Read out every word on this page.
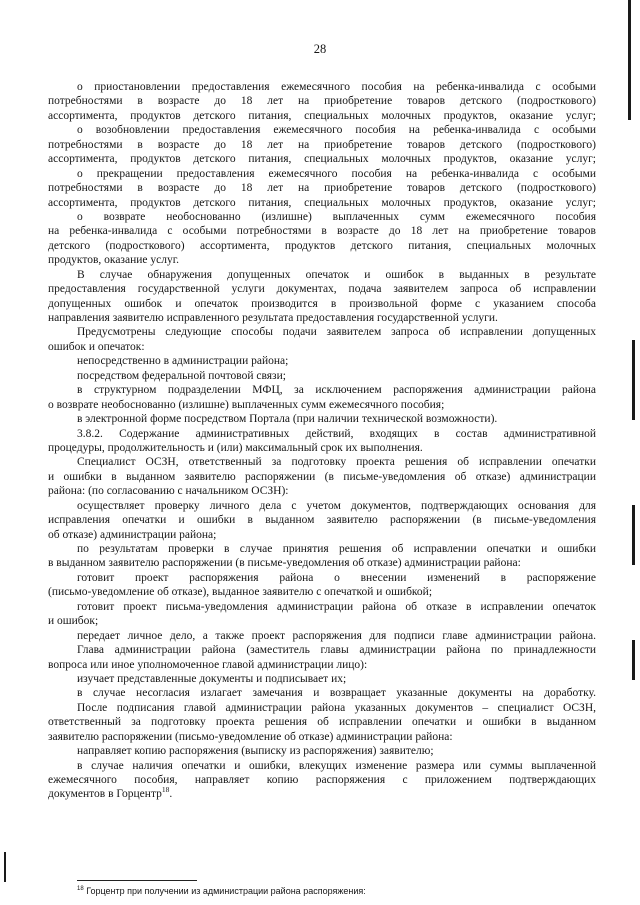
28
о приостановлении предоставления ежемесячного пособия на ребенка-инвалида с особыми
потребностями в возрасте до 18 лет на приобретение товаров детского (подросткового)
ассортимента, продуктов детского питания, специальных молочных продуктов, оказание услуг;
о возобновлении предоставления ежемесячного пособия на ребенка-инвалида с особыми
потребностями в возрасте до 18 лет на приобретение товаров детского (подросткового)
ассортимента, продуктов детского питания, специальных молочных продуктов, оказание услуг;
о прекращении предоставления ежемесячного пособия на ребенка-инвалида с особыми
потребностями в возрасте до 18 лет на приобретение товаров детского (подросткового)
ассортимента, продуктов детского питания, специальных молочных продуктов, оказание услуг;
о возврате необоснованно (излишне) выплаченных сумм ежемесячного пособия
на ребенка-инвалида с особыми потребностями в возрасте до 18 лет на приобретение товаров
детского (подросткового) ассортимента, продуктов детского питания, специальных молочных
продуктов, оказание услуг.
В случае обнаружения допущенных опечаток и ошибок в выданных в результате
предоставления государственной услуги документах, подача заявителем запроса об исправлении
допущенных ошибок и опечаток производится в произвольной форме с указанием способа
направления заявителю исправленного результата предоставления государственной услуги.
Предусмотрены следующие способы подачи заявителем запроса об исправлении допущенных
ошибок и опечаток:
непосредственно в администрации района;
посредством федеральной почтовой связи;
в структурном подразделении МФЦ, за исключением распоряжения администрации района
о возврате необоснованно (излишне) выплаченных сумм ежемесячного пособия;
в электронной форме посредством Портала (при наличии технической возможности).
3.8.2. Содержание административных действий, входящих в состав административной
процедуры, продолжительность и (или) максимальный срок их выполнения.
Специалист ОСЗН, ответственный за подготовку проекта решения об исправлении опечатки
и ошибки в выданном заявителю распоряжении (в письме-уведомления об отказе) администрации
района: (по согласованию с начальником ОСЗН):
осуществляет проверку личного дела с учетом документов, подтверждающих основания для
исправления опечатки и ошибки в выданном заявителю распоряжении (в письме-уведомления
об отказе) администрации района;
по результатам проверки в случае принятия решения об исправлении опечатки и ошибки
в выданном заявителю распоряжении (в письме-уведомления об отказе) администрации района:
готовит проект распоряжения района о внесении изменений в распоряжение
(письмо-уведомление об отказе), выданное заявителю с опечаткой и ошибкой;
готовит проект письма-уведомления администрации района об отказе в исправлении опечаток
и ошибок;
передает личное дело, а также проект распоряжения для подписи главе администрации района.
Глава администрации района (заместитель главы администрации района по принадлежности
вопроса или иное уполномоченное главой администрации лицо):
изучает представленные документы и подписывает их;
в случае несогласия излагает замечания и возвращает указанные документы на доработку.
После подписания главой администрации района указанных документов – специалист ОСЗН,
ответственный за подготовку проекта решения об исправлении опечатки и ошибки в выданном
заявителю распоряжении (письмо-уведомление об отказе) администрации района:
направляет копию распоряжения (выписку из распоряжения) заявителю;
в случае наличия опечатки и ошибки, влекущих изменение размера или суммы выплаченной
ежемесячного пособия, направляет копию распоряжения с приложением подтверждающих
документов в Горцентр$^{18}$.
$^{18}$ Горцентр при получении из администрации района распоряжения:
